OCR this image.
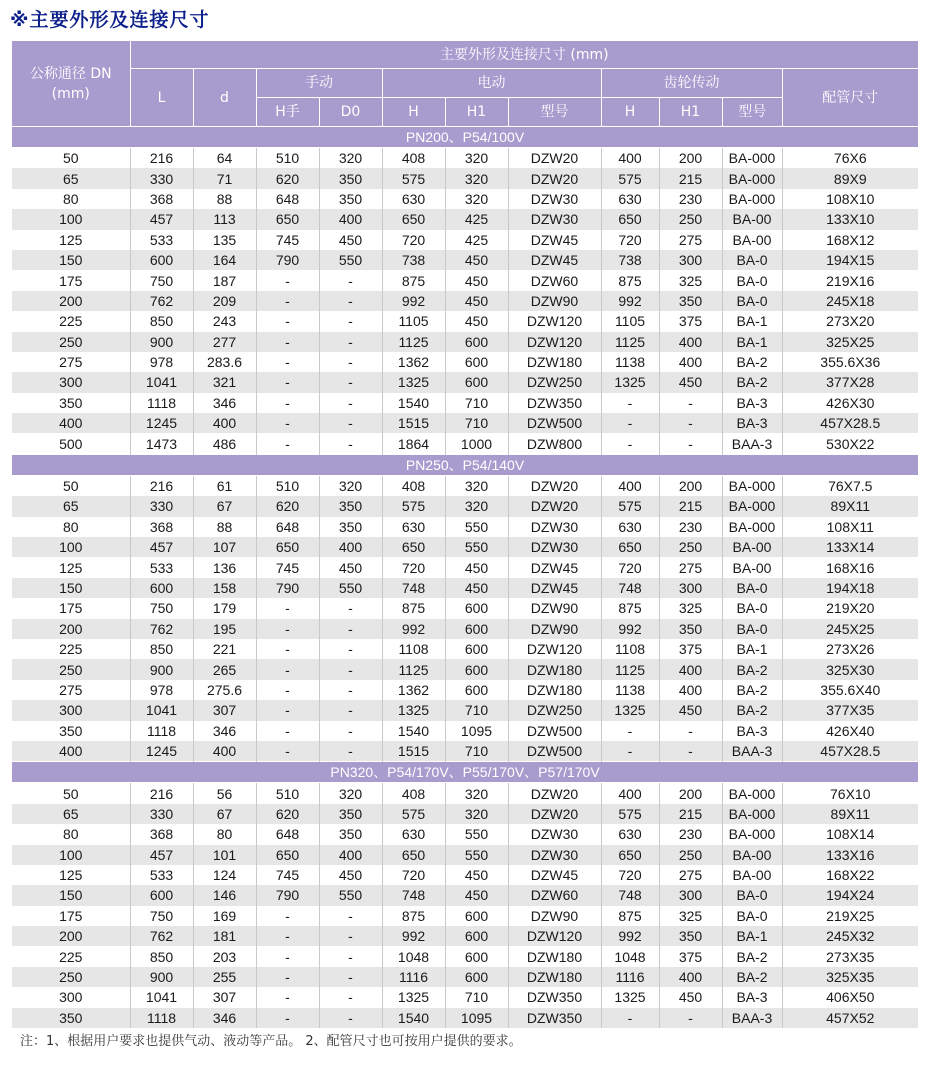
※主要外形及连接尺寸
公称通径 DN (mm)	主要外形及连接尺寸 (mm)										
	L	d	手动		电动			齿轮传动			配管尺寸
			H手	D0	H	H1	型号	H	H1	型号	
PN200、P54/100V											
50	216	64	510	320	408	320	DZW20	400	200	BA-000	76X6
65	330	71	620	350	575	320	DZW20	575	215	BA-000	89X9
80	368	88	648	350	630	320	DZW30	630	230	BA-000	108X10
100	457	113	650	400	650	425	DZW30	650	250	BA-00	133X10
125	533	135	745	450	720	425	DZW45	720	275	BA-00	168X12
150	600	164	790	550	738	450	DZW45	738	300	BA-0	194X15
175	750	187	-	-	875	450	DZW60	875	325	BA-0	219X16
200	762	209	-	-	992	450	DZW90	992	350	BA-0	245X18
225	850	243	-	-	1105	450	DZW120	1105	375	BA-1	273X20
250	900	277	-	-	1125	600	DZW120	1125	400	BA-1	325X25
275	978	283.6	-	-	1362	600	DZW180	1138	400	BA-2	355.6X36
300	1041	321	-	-	1325	600	DZW250	1325	450	BA-2	377X28
350	1118	346	-	-	1540	710	DZW350	-	-	BA-3	426X30
400	1245	400	-	-	1515	710	DZW500	-	-	BA-3	457X28.5
500	1473	486	-	-	1864	1000	DZW800	-	-	BAA-3	530X22
PN250、P54/140V											
50	216	61	510	320	408	320	DZW20	400	200	BA-000	76X7.5
65	330	67	620	350	575	320	DZW20	575	215	BA-000	89X11
80	368	88	648	350	630	550	DZW30	630	230	BA-000	108X11
100	457	107	650	400	650	550	DZW30	650	250	BA-00	133X14
125	533	136	745	450	720	450	DZW45	720	275	BA-00	168X16
150	600	158	790	550	748	450	DZW45	748	300	BA-0	194X18
175	750	179	-	-	875	600	DZW90	875	325	BA-0	219X20
200	762	195	-	-	992	600	DZW90	992	350	BA-0	245X25
225	850	221	-	-	1108	600	DZW120	1108	375	BA-1	273X26
250	900	265	-	-	1125	600	DZW180	1125	400	BA-2	325X30
275	978	275.6	-	-	1362	600	DZW180	1138	400	BA-2	355.6X40
300	1041	307	-	-	1325	710	DZW250	1325	450	BA-2	377X35
350	1118	346	-	-	1540	1095	DZW500	-	-	BA-3	426X40
400	1245	400	-	-	1515	710	DZW500	-	-	BAA-3	457X28.5
PN320、P54/170V、P55/170V、P57/170V											
50	216	56	510	320	408	320	DZW20	400	200	BA-000	76X10
65	330	67	620	350	575	320	DZW20	575	215	BA-000	89X11
80	368	80	648	350	630	550	DZW30	630	230	BA-000	108X14
100	457	101	650	400	650	550	DZW30	650	250	BA-00	133X16
125	533	124	745	450	720	450	DZW45	720	275	BA-00	168X22
150	600	146	790	550	748	450	DZW60	748	300	BA-0	194X24
175	750	169	-	-	875	600	DZW90	875	325	BA-0	219X25
200	762	181	-	-	992	600	DZW120	992	350	BA-1	245X32
225	850	203	-	-	1048	600	DZW180	1048	375	BA-2	273X35
250	900	255	-	-	1116	600	DZW180	1116	400	BA-2	325X35
300	1041	307	-	-	1325	710	DZW350	1325	450	BA-3	406X50
350	1118	346	-	-	1540	1095	DZW350	-	-	BAA-3	457X52
注：1、根据用户要求也提供气动、液动等产品。 2、配管尺寸也可按用户提供的要求。
